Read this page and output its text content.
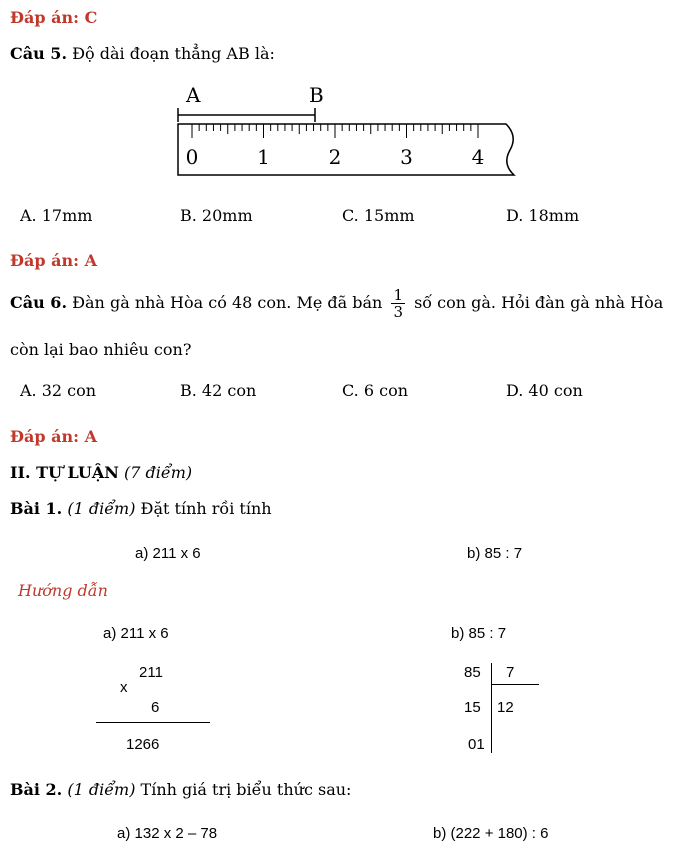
Đáp án: C
Câu 5. Độ dài đoạn thẳng AB là:
A	B
0	1	2	3	4
A. 17mm	B. 20mm	C. 15mm	D. 18mm
Đáp án: A
Câu 6. Đàn gà nhà Hòa có 48 con. Mẹ đã bán $\frac{1}{3}$ số con gà. Hỏi đàn gà nhà Hòa
còn lại bao nhiêu con?
A. 32 con	B. 42 con	C. 6 con	D. 40 con
Đáp án: A
II. TỰ LUẬN (7 điểm)
Bài 1. (1 điểm) Đặt tính rồi tính
a) 211 x 6	b) 85 : 7
Hướng dẫn
a) 211 x 6	b) 85 : 7
211
x
6
1266
85 7
15 12
01
Bài 2. (1 điểm) Tính giá trị biểu thức sau:
a) 132 x 2 – 78	b) (222 + 180) : 6
